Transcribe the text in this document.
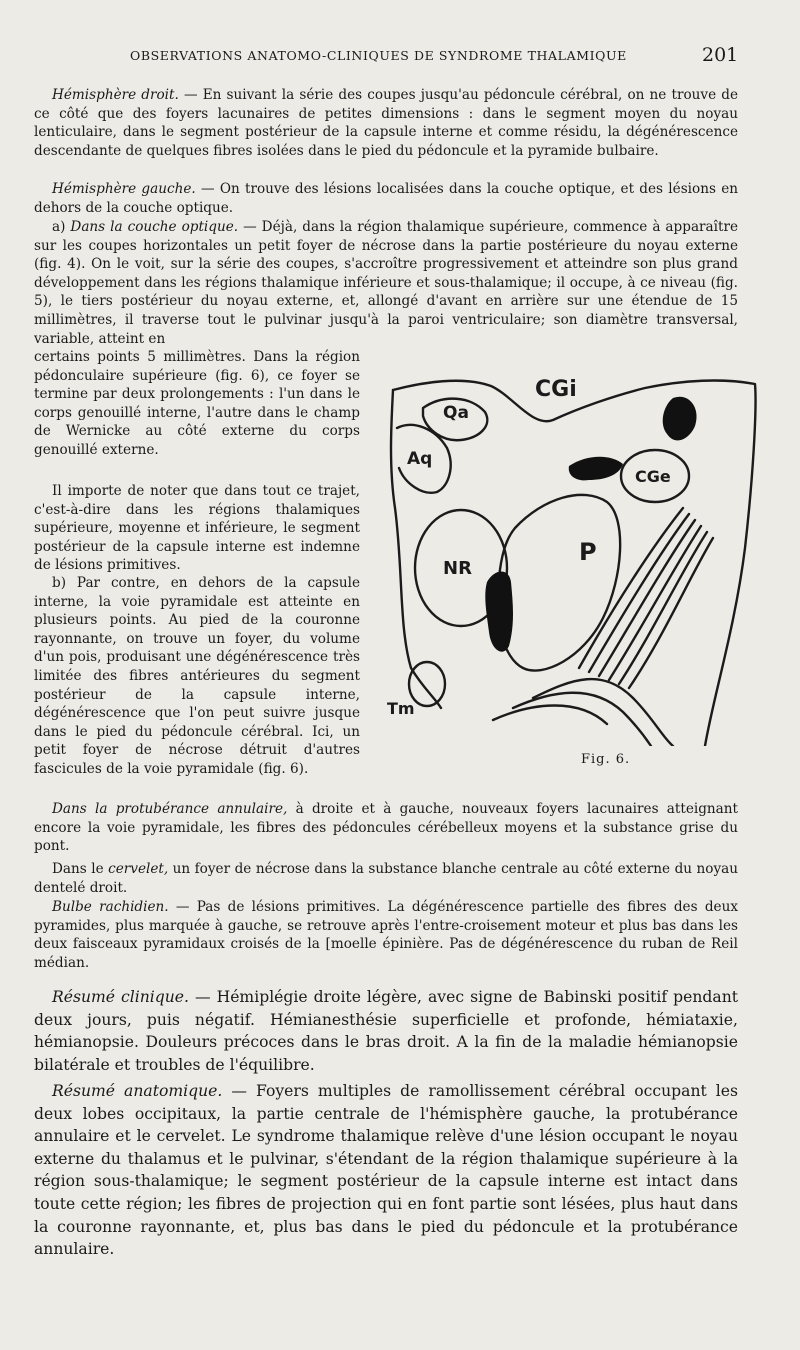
OBSERVATIONS ANATOMO-CLINIQUES DE SYNDROME THALAMIQUE	201

Hémisphère droit. — En suivant la série des coupes jusqu'au pédoncule cérébral, on ne trouve de ce côté que des foyers lacunaires de petites dimensions : dans le segment moyen du noyau lenticulaire, dans le segment postérieur de la capsule interne et comme résidu, la dégénérescence descendante de quelques fibres isolées dans le pied du pédoncule et la pyramide bulbaire.

Hémisphère gauche. — On trouve des lésions localisées dans la couche optique, et des lésions en dehors de la couche optique.

a) Dans la couche optique. — Déjà, dans la région thalamique supérieure, commence à apparaître sur les coupes horizontales un petit foyer de nécrose dans la partie postérieure du noyau externe (fig. 4). On le voit, sur la série des coupes, s'accroître progressivement et atteindre son plus grand développement dans les régions thalamique inférieure et sous-thalamique; il occupe, à ce niveau (fig. 5), le tiers postérieur du noyau externe, et, allongé d'avant en arrière sur une étendue de 15 millimètres, il traverse tout le pulvinar jusqu'à la paroi ventriculaire; son diamètre transversal, variable, atteint en

certains points 5 millimètres. Dans la région pédonculaire supérieure (fig. 6), ce foyer se termine par deux prolongements : l'un dans le corps genouillé interne, l'autre dans le champ de Wernicke au côté externe du corps genouillé externe.

Il importe de noter que dans tout ce trajet, c'est-à-dire dans les régions thalamiques supérieure, moyenne et inférieure, le segment postérieur de la capsule interne est indemne de lésions primitives.

b) Par contre, en dehors de la capsule interne, la voie pyramidale est atteinte en plusieurs points. Au pied de la couronne rayonnante, on trouve un foyer, du volume d'un pois, produisant une dégénérescence très limitée des fibres antérieures du segment postérieur de la capsule interne, dégénérescence que l'on peut suivre jusque dans le pied du pédoncule cérébral. Ici, un petit foyer de nécrose détruit d'autres fascicules de la voie pyramidale (fig. 6).

CGi
Qa
Aq
CGe
NR
P
Tm
Fig. 6.

Dans la protubérance annulaire, à droite et à gauche, nouveaux foyers lacunaires atteignant encore la voie pyramidale, les fibres des pédoncules cérébelleux moyens et la substance grise du pont.

Dans le cervelet, un foyer de nécrose dans la substance blanche centrale au côté externe du noyau dentelé droit.

Bulbe rachidien. — Pas de lésions primitives. La dégénérescence partielle des fibres des deux pyramides, plus marquée à gauche, se retrouve après l'entre-croisement moteur et plus bas dans les deux faisceaux pyramidaux croisés de la [moelle épinière. Pas de dégénérescence du ruban de Reil médian.

Résumé clinique. — Hémiplégie droite légère, avec signe de Babinski positif pendant deux jours, puis négatif. Hémianesthésie superficielle et profonde, hémiataxie, hémianopsie. Douleurs précoces dans le bras droit. A la fin de la maladie hémianopsie bilatérale et troubles de l'équilibre.

Résumé anatomique. — Foyers multiples de ramollissement cérébral occupant les deux lobes occipitaux, la partie centrale de l'hémisphère gauche, la protubérance annulaire et le cervelet. Le syndrome thalamique relève d'une lésion occupant le noyau externe du thalamus et le pulvinar, s'étendant de la région thalamique supérieure à la région sous-thalamique; le segment postérieur de la capsule interne est intact dans toute cette région; les fibres de projection qui en font partie sont lésées, plus haut dans la couronne rayonnante, et, plus bas dans le pied du pédoncule et la protubérance annulaire.
